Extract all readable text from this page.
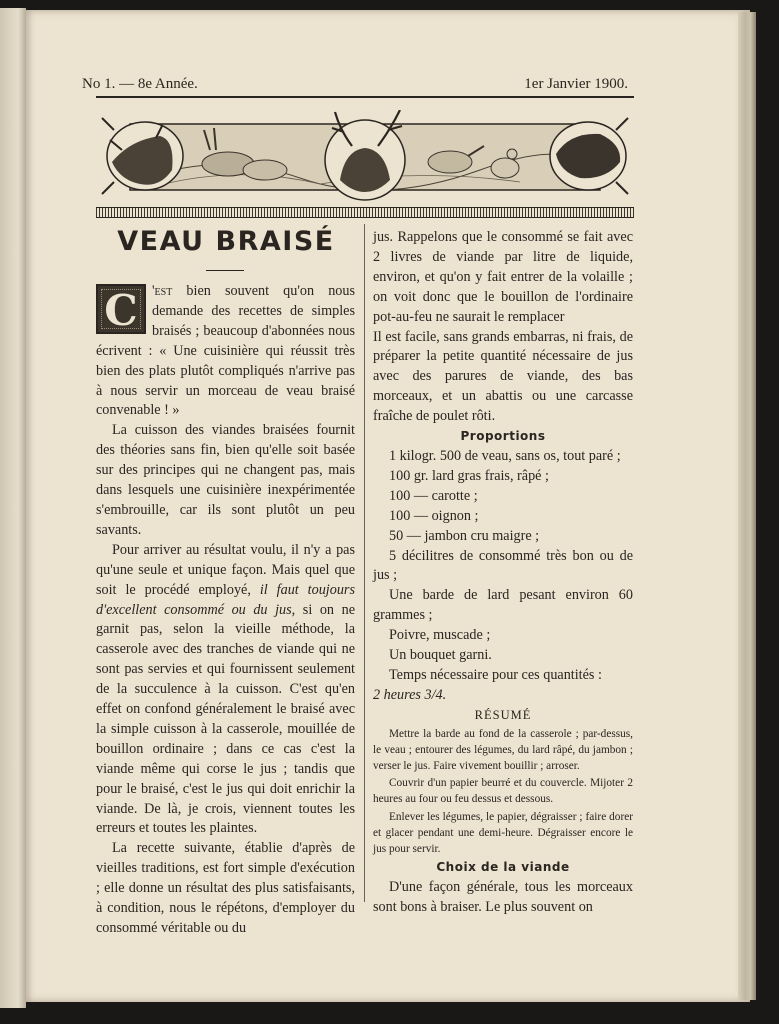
No 1. — 8e Année.	1er Janvier 1900.
VEAU BRAISÉ

C	'est bien souvent qu'on nous demande des recettes de simples braisés ; beaucoup d'abonnées nous écrivent : « Une cuisinière qui réussit très bien des plats plutôt compliqués n'arrive pas à nous servir un morceau de veau braisé convenable ! »

La cuisson des viandes braisées fournit des théories sans fin, bien qu'elle soit basée sur des principes qui ne changent pas, mais dans lesquels une cuisinière inexpérimentée s'embrouille, car ils sont plutôt un peu savants.

Pour arriver au résultat voulu, il n'y a pas qu'une seule et unique façon. Mais quel que soit le procédé employé, il faut toujours d'excellent consommé ou du jus, si on ne garnit pas, selon la vieille méthode, la casserole avec des tranches de viande qui ne sont pas servies et qui fournissent seulement de la succulence à la cuisson. C'est qu'en effet on confond généralement le braisé avec la simple cuisson à la casserole, mouillée de bouillon ordinaire ; dans ce cas c'est la viande même qui corse le jus ; tandis que pour le braisé, c'est le jus qui doit enrichir la viande. De là, je crois, viennent toutes les erreurs et toutes les plaintes.

La recette suivante, établie d'après de vieilles traditions, est fort simple d'exécution ; elle donne un résultat des plus satisfaisants, à condition, nous le répétons, d'employer du consommé véritable ou du

jus. Rappelons que le consommé se fait avec 2 livres de viande par litre de liquide, environ, et qu'on y fait entrer de la volaille ; on voit donc que le bouillon de l'ordinaire pot-au-feu ne saurait le remplacer

Il est facile, sans grands embarras, ni frais, de préparer la petite quantité nécessaire de jus avec des parures de viande, des bas morceaux, et un abattis ou une carcasse fraîche de poulet rôti.

Proportions

1 kilogr. 500 de veau, sans os, tout paré ;

100 gr. lard gras frais, râpé ;

100 — carotte ;

100 — oignon ;

50 — jambon cru maigre ;

5 décilitres de consommé très bon ou de jus ;

Une barde de lard pesant environ 60 grammes ;

Poivre, muscade ;

Un bouquet garni.

Temps nécessaire pour ces quantités :

2 heures 3/4.

RÉSUMÉ

Mettre la barde au fond de la casserole ; par-dessus, le veau ; entourer des légumes, du lard râpé, du jambon ; verser le jus. Faire vivement bouillir ; arroser.

Couvrir d'un papier beurré et du couvercle. Mijoter 2 heures au four ou feu dessus et dessous.

Enlever les légumes, le papier, dégraisser ; faire dorer et glacer pendant une demi-heure. Dégraisser encore le jus pour servir.

Choix de la viande

D'une façon générale, tous les morceaux sont bons à braiser. Le plus souvent on
